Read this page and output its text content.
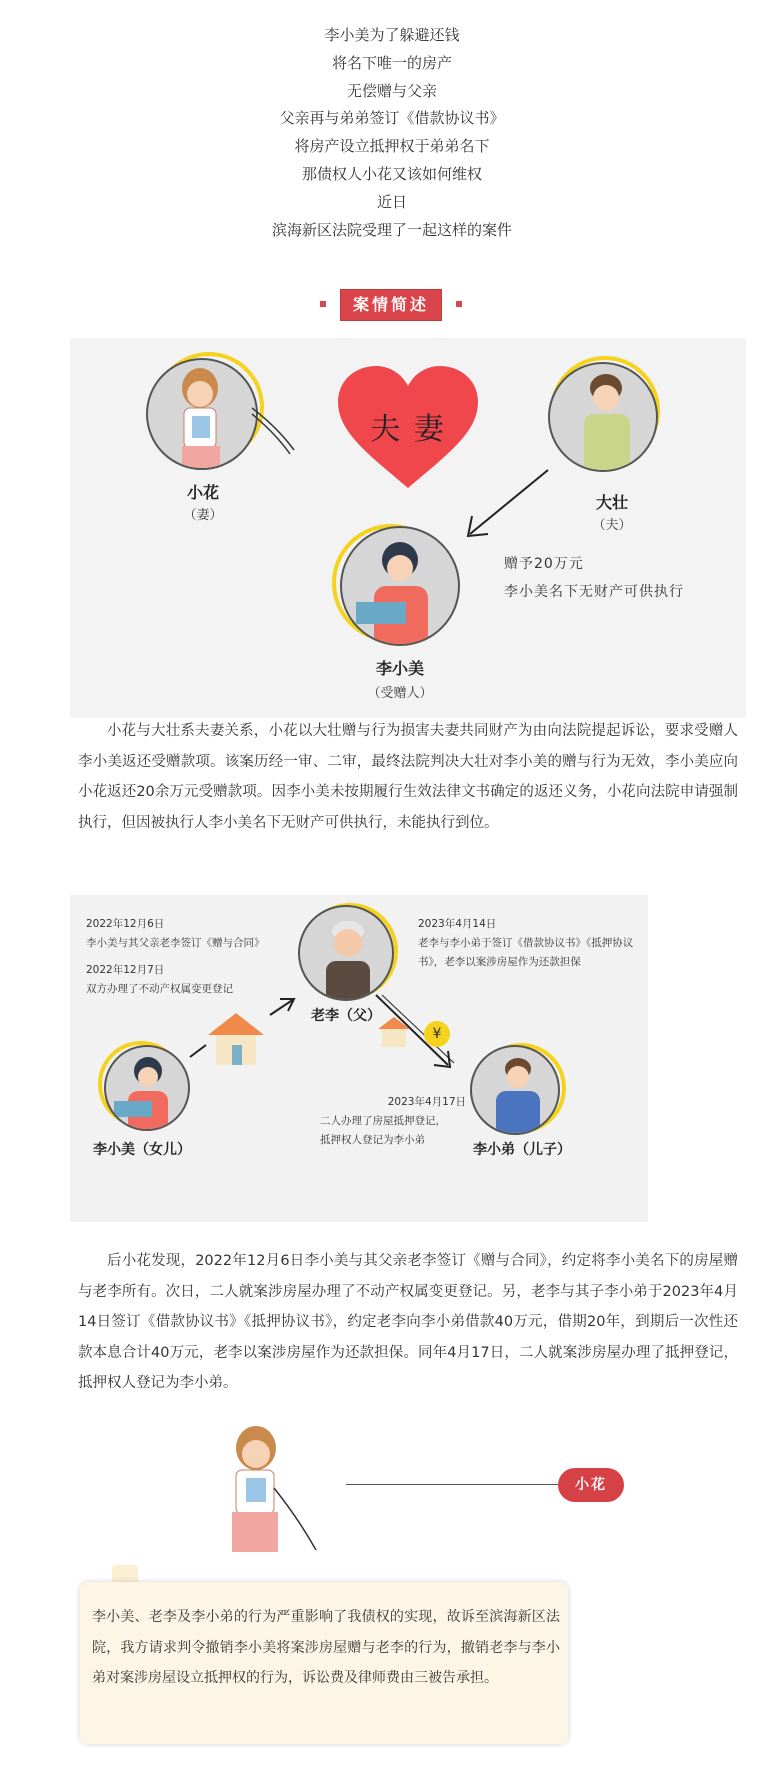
李小美为了躲避还钱
将名下唯一的房产
无偿赠与父亲
父亲再与弟弟签订《借款协议书》
将房产设立抵押权于弟弟名下
那债权人小花又该如何维权
近日
滨海新区法院受理了一起这样的案件
案情简述
小花
（妻）
夫 妻
大壮
（夫）
李小美
（受赠人）
赠予20万元
李小美名下无财产可供执行
小花与大壮系夫妻关系，小花以大壮赠与行为损害夫妻共同财产为由向法院提起诉讼，要求受赠人李小美返还受赠款项。该案历经一审、二审，最终法院判决大壮对李小美的赠与行为无效，李小美应向小花返还20余万元受赠款项。因李小美未按期履行生效法律文书确定的返还义务，小花向法院申请强制执行，但因被执行人李小美名下无财产可供执行，未能执行到位。
2022年12月6日
李小美与其父亲老李签订《赠与合同》
2022年12月7日
双方办理了不动产权属变更登记
老李（父）
2023年4月14日
老李与李小弟于签订《借款协议书》《抵押协议书》，老李以案涉房屋作为还款担保
¥
李小美（女儿）	李小弟（儿子）
2023年4月17日
二人办理了房屋抵押登记，
抵押权人登记为李小弟
后小花发现，2022年12月6日李小美与其父亲老李签订《赠与合同》，约定将李小美名下的房屋赠与老李所有。次日，二人就案涉房屋办理了不动产权属变更登记。另，老李与其子李小弟于2023年4月14日签订《借款协议书》《抵押协议书》，约定老李向李小弟借款40万元，借期20年，到期后一次性还款本息合计40万元，老李以案涉房屋作为还款担保。同年4月17日，二人就案涉房屋办理了抵押登记，抵押权人登记为李小弟。
小花
李小美、老李及李小弟的行为严重影响了我债权的实现，故诉至滨海新区法院，我方请求判令撤销李小美将案涉房屋赠与老李的行为，撤销老李与李小弟对案涉房屋设立抵押权的行为，诉讼费及律师费由三被告承担。
